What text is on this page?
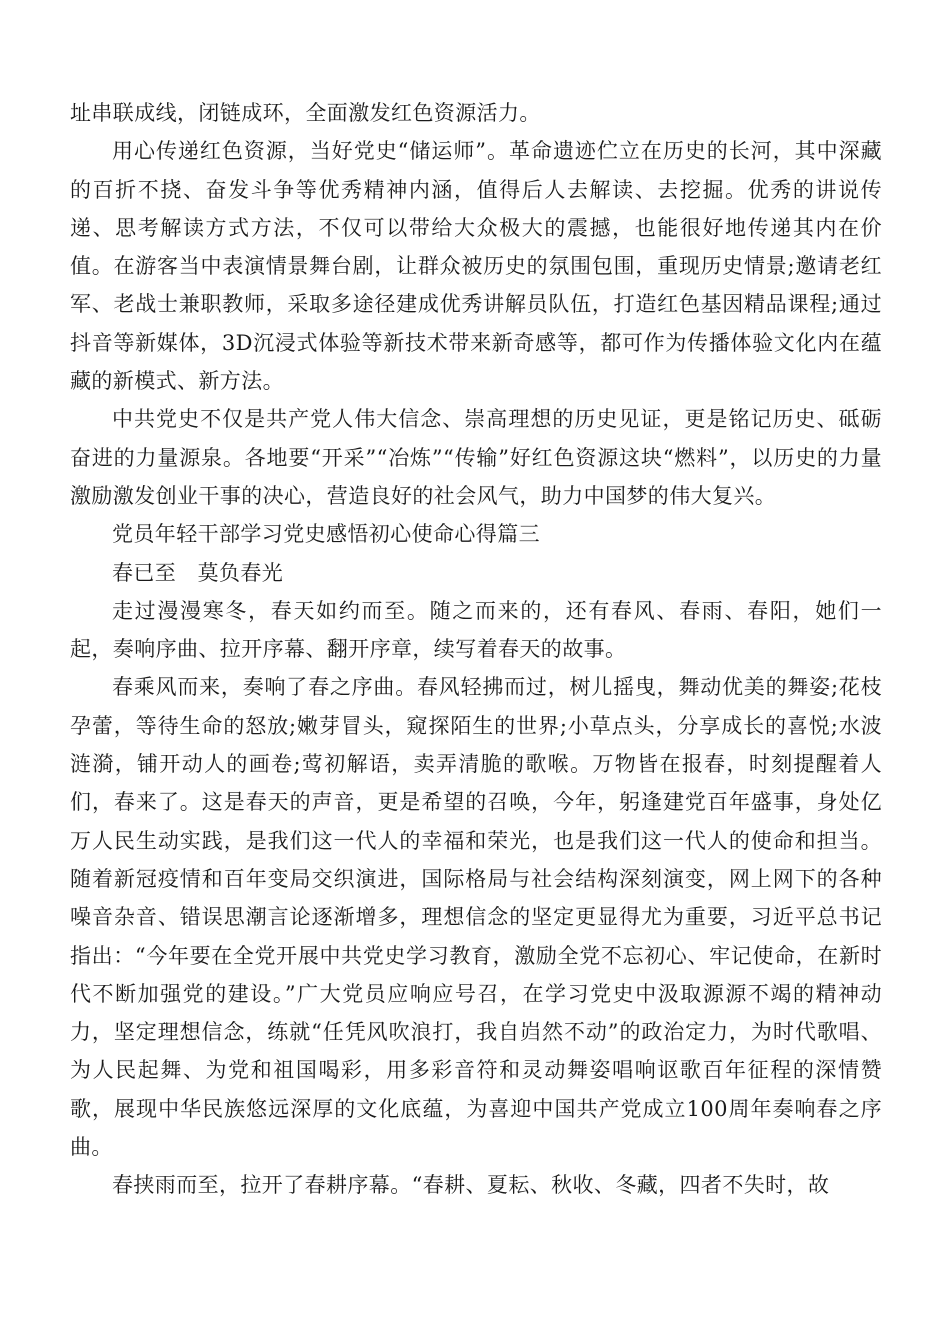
址串联成线，闭链成环，全面激发红色资源活力。

用心传递红色资源，当好党史“储运师”。革命遗迹伫立在历史的长河，其中深藏的百折不挠、奋发斗争等优秀精神内涵，值得后人去解读、去挖掘。优秀的讲说传递、思考解读方式方法，不仅可以带给大众极大的震撼，也能很好地传递其内在价值。在游客当中表演情景舞台剧，让群众被历史的氛围包围，重现历史情景;邀请老红军、老战士兼职教师，采取多途径建成优秀讲解员队伍，打造红色基因精品课程;通过抖音等新媒体，3D沉浸式体验等新技术带来新奇感等，都可作为传播体验文化内在蕴藏的新模式、新方法。

中共党史不仅是共产党人伟大信念、崇高理想的历史见证，更是铭记历史、砥砺奋进的力量源泉。各地要“开采”“冶炼”“传输”好红色资源这块“燃料”，以历史的力量激励激发创业干事的决心，营造良好的社会风气，助力中国梦的伟大复兴。

党员年轻干部学习党史感悟初心使命心得篇三

春已至　莫负春光

走过漫漫寒冬，春天如约而至。随之而来的，还有春风、春雨、春阳，她们一起，奏响序曲、拉开序幕、翻开序章，续写着春天的故事。

春乘风而来，奏响了春之序曲。春风轻拂而过，树儿摇曳，舞动优美的舞姿;花枝孕蕾，等待生命的怒放;嫩芽冒头，窥探陌生的世界;小草点头，分享成长的喜悦;水波涟漪，铺开动人的画卷;莺初解语，卖弄清脆的歌喉。万物皆在报春，时刻提醒着人们，春来了。这是春天的声音，更是希望的召唤，今年，躬逢建党百年盛事，身处亿万人民生动实践，是我们这一代人的幸福和荣光，也是我们这一代人的使命和担当。随着新冠疫情和百年变局交织演进，国际格局与社会结构深刻演变，网上网下的各种噪音杂音、错误思潮言论逐渐增多，理想信念的坚定更显得尤为重要，习近平总书记指出：“今年要在全党开展中共党史学习教育，激励全党不忘初心、牢记使命，在新时代不断加强党的建设。”广大党员应响应号召，在学习党史中汲取源源不竭的精神动力，坚定理想信念，练就“任凭风吹浪打，我自岿然不动”的政治定力，为时代歌唱、为人民起舞、为党和祖国喝彩，用多彩音符和灵动舞姿唱响讴歌百年征程的深情赞歌，展现中华民族悠远深厚的文化底蕴，为喜迎中国共产党成立100周年奏响春之序曲。

春挟雨而至，拉开了春耕序幕。“春耕、夏耘、秋收、冬藏，四者不失时，故
